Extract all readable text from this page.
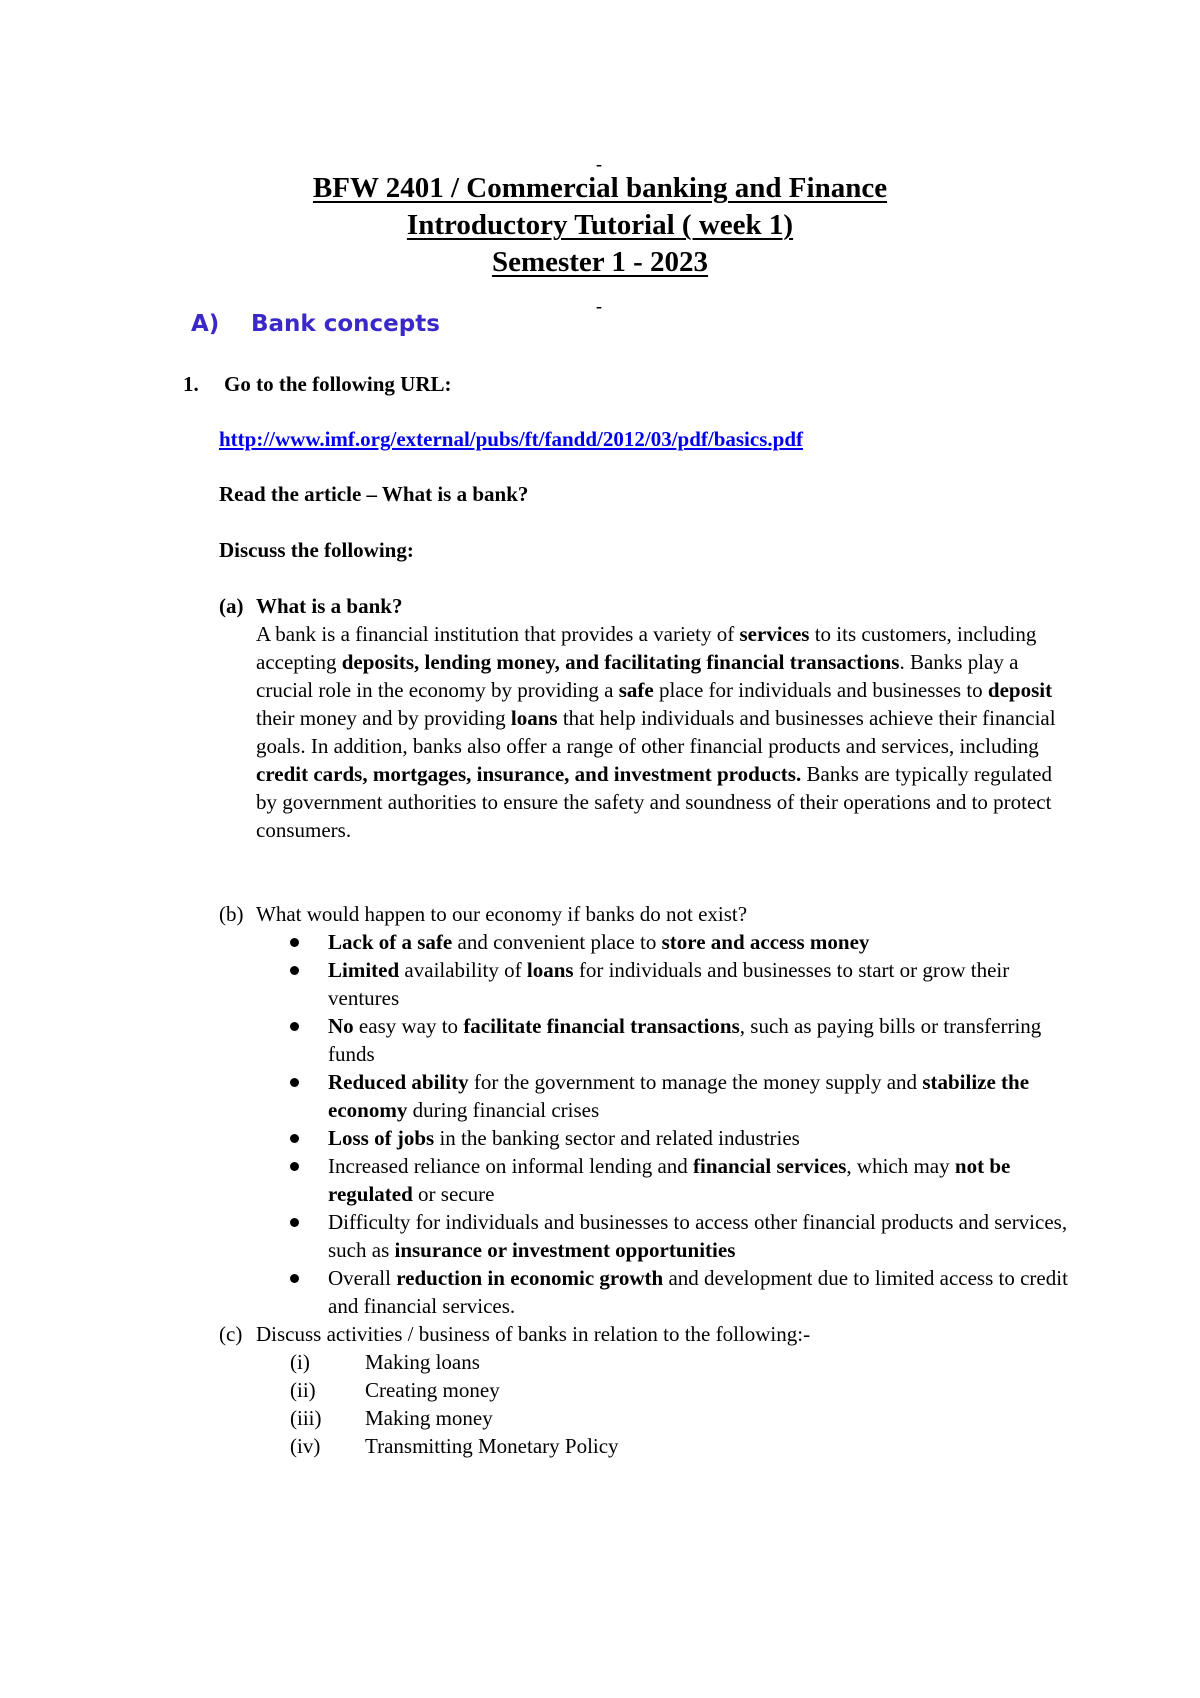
-
BFW 2401 / Commercial banking and Finance
Introductory Tutorial ( week 1)
Semester 1 - 2023
-
A) Bank concepts
1. Go to the following URL:
http://www.imf.org/external/pubs/ft/fandd/2012/03/pdf/basics.pdf
Read the article – What is a bank?
Discuss the following:
(a) What is a bank?
A bank is a financial institution that provides a variety of services to its customers, including accepting deposits, lending money, and facilitating financial transactions. Banks play a crucial role in the economy by providing a safe place for individuals and businesses to deposit their money and by providing loans that help individuals and businesses achieve their financial goals. In addition, banks also offer a range of other financial products and services, including credit cards, mortgages, insurance, and investment products. Banks are typically regulated by government authorities to ensure the safety and soundness of their operations and to protect consumers.
(b) What would happen to our economy if banks do not exist?
Lack of a safe and convenient place to store and access money
Limited availability of loans for individuals and businesses to start or grow their ventures
No easy way to facilitate financial transactions, such as paying bills or transferring funds
Reduced ability for the government to manage the money supply and stabilize the economy during financial crises
Loss of jobs in the banking sector and related industries
Increased reliance on informal lending and financial services, which may not be regulated or secure
Difficulty for individuals and businesses to access other financial products and services, such as insurance or investment opportunities
Overall reduction in economic growth and development due to limited access to credit and financial services.
(c) Discuss activities / business of banks in relation to the following:-
(i)	Making loans
(ii) Creating money
(iii) Making money
(iv) Transmitting Monetary Policy
